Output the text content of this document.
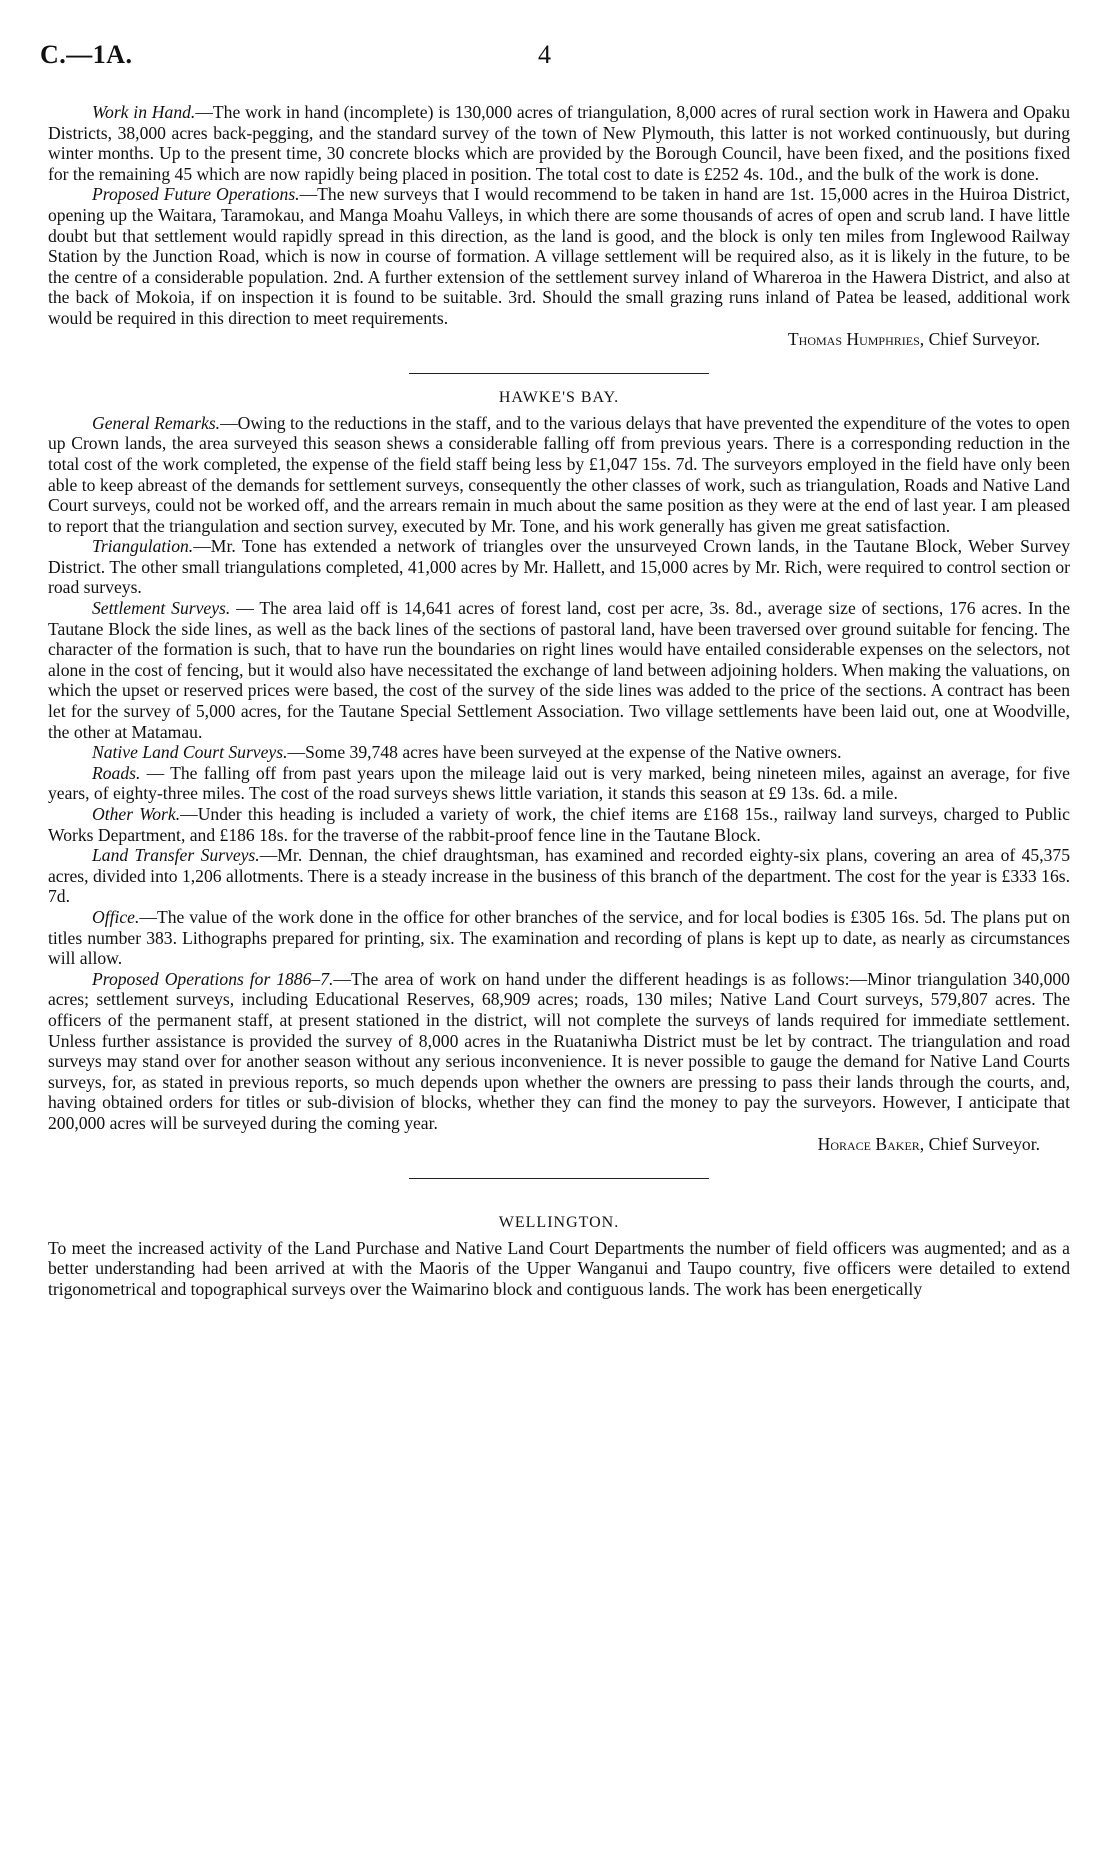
C.—1A.	4

Work in Hand.—The work in hand (incomplete) is 130,000 acres of triangulation, 8,000 acres of rural section work in Hawera and Opaku Districts, 38,000 acres back-pegging, and the standard survey of the town of New Plymouth, this latter is not worked continuously, but during winter months. Up to the present time, 30 concrete blocks which are provided by the Borough Council, have been fixed, and the positions fixed for the remaining 45 which are now rapidly being placed in position. The total cost to date is £252 4s. 10d., and the bulk of the work is done.

Proposed Future Operations.—The new surveys that I would recommend to be taken in hand are 1st. 15,000 acres in the Huiroa District, opening up the Waitara, Taramokau, and Manga Moahu Valleys, in which there are some thousands of acres of open and scrub land. I have little doubt but that settlement would rapidly spread in this direction, as the land is good, and the block is only ten miles from Inglewood Railway Station by the Junction Road, which is now in course of formation. A village settlement will be required also, as it is likely in the future, to be the centre of a considerable population. 2nd. A further extension of the settlement survey inland of Whareroa in the Hawera District, and also at the back of Mokoia, if on inspection it is found to be suitable. 3rd. Should the small grazing runs inland of Patea be leased, additional work would be required in this direction to meet requirements.

Thomas Humphries, Chief Surveyor.

HAWKE'S BAY.

General Remarks.—Owing to the reductions in the staff, and to the various delays that have prevented the expenditure of the votes to open up Crown lands, the area surveyed this season shews a considerable falling off from previous years. There is a corresponding reduction in the total cost of the work completed, the expense of the field staff being less by £1,047 15s. 7d. The surveyors employed in the field have only been able to keep abreast of the demands for settlement surveys, consequently the other classes of work, such as triangulation, Roads and Native Land Court surveys, could not be worked off, and the arrears remain in much about the same position as they were at the end of last year. I am pleased to report that the triangulation and section survey, executed by Mr. Tone, and his work generally has given me great satisfaction.

Triangulation.—Mr. Tone has extended a network of triangles over the unsurveyed Crown lands, in the Tautane Block, Weber Survey District. The other small triangulations completed, 41,000 acres by Mr. Hallett, and 15,000 acres by Mr. Rich, were required to control section or road surveys.

Settlement Surveys. — The area laid off is 14,641 acres of forest land, cost per acre, 3s. 8d., average size of sections, 176 acres. In the Tautane Block the side lines, as well as the back lines of the sections of pastoral land, have been traversed over ground suitable for fencing. The character of the formation is such, that to have run the boundaries on right lines would have entailed considerable expenses on the selectors, not alone in the cost of fencing, but it would also have necessitated the exchange of land between adjoining holders. When making the valuations, on which the upset or reserved prices were based, the cost of the survey of the side lines was added to the price of the sections. A contract has been let for the survey of 5,000 acres, for the Tautane Special Settlement Association. Two village settlements have been laid out, one at Woodville, the other at Matamau.

Native Land Court Surveys.—Some 39,748 acres have been surveyed at the expense of the Native owners.

Roads. — The falling off from past years upon the mileage laid out is very marked, being nineteen miles, against an average, for five years, of eighty-three miles. The cost of the road surveys shews little variation, it stands this season at £9 13s. 6d. a mile.

Other Work.—Under this heading is included a variety of work, the chief items are £168 15s., railway land surveys, charged to Public Works Department, and £186 18s. for the traverse of the rabbit-proof fence line in the Tautane Block.

Land Transfer Surveys.—Mr. Dennan, the chief draughtsman, has examined and recorded eighty-six plans, covering an area of 45,375 acres, divided into 1,206 allotments. There is a steady increase in the business of this branch of the department. The cost for the year is £333 16s. 7d.

Office.—The value of the work done in the office for other branches of the service, and for local bodies is £305 16s. 5d. The plans put on titles number 383. Lithographs prepared for printing, six. The examination and recording of plans is kept up to date, as nearly as circumstances will allow.

Proposed Operations for 1886–7.—The area of work on hand under the different headings is as follows:—Minor triangulation 340,000 acres; settlement surveys, including Educational Reserves, 68,909 acres; roads, 130 miles; Native Land Court surveys, 579,807 acres. The officers of the permanent staff, at present stationed in the district, will not complete the surveys of lands required for immediate settlement. Unless further assistance is provided the survey of 8,000 acres in the Ruataniwha District must be let by contract. The triangulation and road surveys may stand over for another season without any serious inconvenience. It is never possible to gauge the demand for Native Land Courts surveys, for, as stated in previous reports, so much depends upon whether the owners are pressing to pass their lands through the courts, and, having obtained orders for titles or sub-division of blocks, whether they can find the money to pay the surveyors. However, I anticipate that 200,000 acres will be surveyed during the coming year.

Horace Baker, Chief Surveyor.

WELLINGTON.

To meet the increased activity of the Land Purchase and Native Land Court Departments the number of field officers was augmented; and as a better understanding had been arrived at with the Maoris of the Upper Wanganui and Taupo country, five officers were detailed to extend trigonometrical and topographical surveys over the Waimarino block and contiguous lands. The work has been energetically
